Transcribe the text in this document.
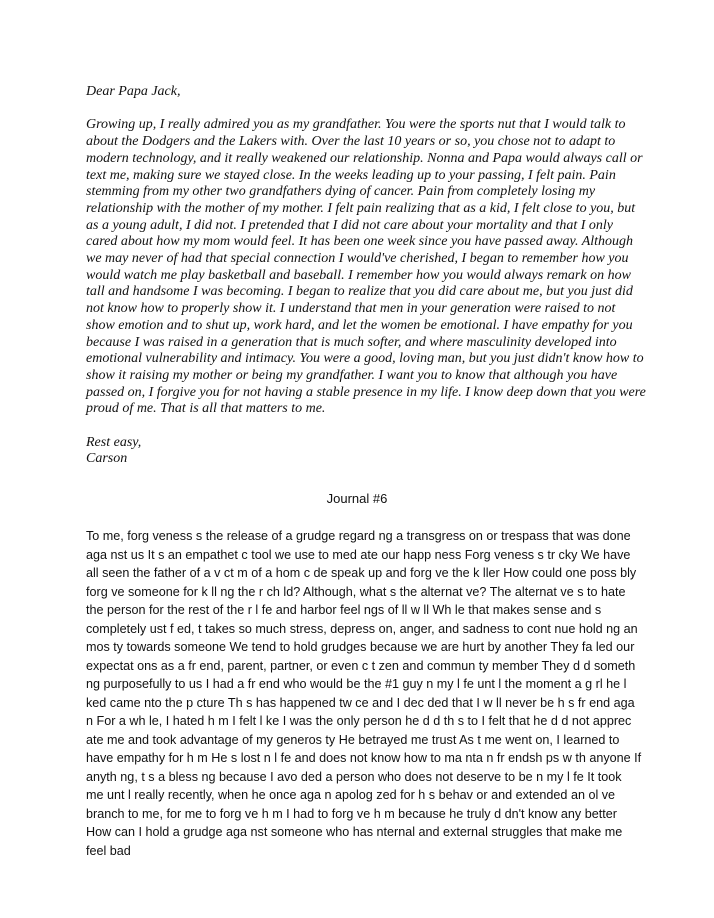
Dear Papa Jack,

Growing up, I really admired you as my grandfather. You were the sports nut that I would talk to about the Dodgers and the Lakers with. Over the last 10 years or so, you chose not to adapt to modern technology, and it really weakened our relationship. Nonna and Papa would always call or text me, making sure we stayed close. In the weeks leading up to your passing, I felt pain. Pain stemming from my other two grandfathers dying of cancer. Pain from completely losing my relationship with the mother of my mother. I felt pain realizing that as a kid, I felt close to you, but as a young adult, I did not. I pretended that I did not care about your mortality and that I only cared about how my mom would feel. It has been one week since you have passed away. Although we may never of had that special connection I would've cherished, I began to remember how you would watch me play basketball and baseball. I remember how you would always remark on how tall and handsome I was becoming. I began to realize that you did care about me, but you just did not know how to properly show it. I understand that men in your generation were raised to not show emotion and to shut up, work hard, and let the women be emotional. I have empathy for you because I was raised in a generation that is much softer, and where masculinity developed into emotional vulnerability and intimacy. You were a good, loving man, but you just didn't know how to show it raising my mother or being my grandfather. I want you to know that although you have passed on, I forgive you for not having a stable presence in my life. I know deep down that you were proud of me. That is all that matters to me.

Rest easy,

Carson

Journal #6

To me, forg veness s the release of a grudge regard ng a transgress on or trespass that was done aga nst us It s an empathet c tool we use to med ate our happ ness Forg veness s tr cky We have all seen the father of a v ct m of a hom c de speak up and forg ve the k ller How could one poss bly forg ve someone for k ll ng the r ch ld? Although, what s the alternat ve? The alternat ve s to hate the person for the rest of the r l fe and harbor feel ngs of ll w ll Wh le that makes sense and s completely ust f ed, t takes so much stress, depress on, anger, and sadness to cont nue hold ng an mos ty towards someone We tend to hold grudges because we are hurt by another They fa led our expectat ons as a fr end, parent, partner, or even c t zen and commun ty member They d d someth ng purposefully to us I had a fr end who would be the #1 guy n my l fe unt l the moment a g rl he l ked came nto the p cture Th s has happened tw ce and I dec ded that I w ll never be h s fr end aga n For a wh le, I hated h m I felt l ke I was the only person he d d th s to I felt that he d d not apprec ate me and took advantage of my generos ty He betrayed me trust As t me went on, I learned to have empathy for h m He s lost n l fe and does not know how to ma nta n fr endsh ps w th anyone If anyth ng, t s a bless ng because I avo ded a person who does not deserve to be n my l fe It took me unt l really recently, when he once aga n apolog zed for h s behav or and extended an ol ve branch to me, for me to forg ve h m I had to forg ve h m because he truly d dn't know any better How can I hold a grudge aga nst someone who has nternal and external struggles that make me feel bad
